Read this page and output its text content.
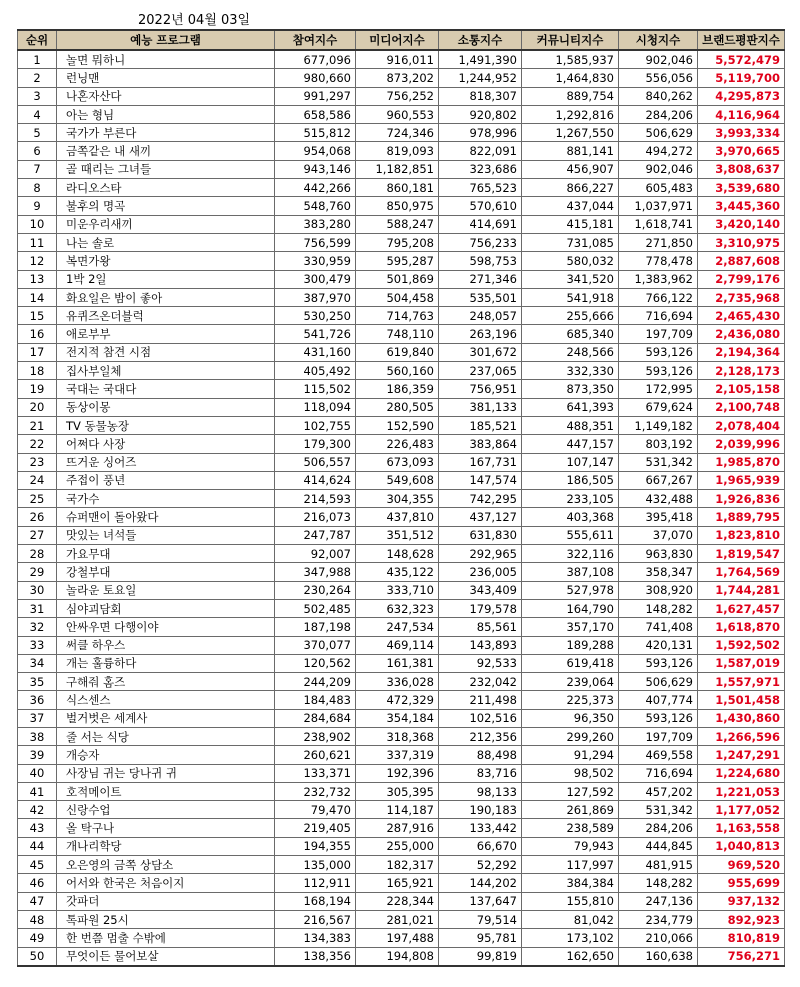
2022년 04월 03일
순위	예능 프로그램	참여지수	미디어지수	소통지수	커뮤니티지수	시청지수	브랜드평판지수
1	놀면 뭐하니	677,096	916,011	1,491,390	1,585,937	902,046	5,572,479
2	런닝맨	980,660	873,202	1,244,952	1,464,830	556,056	5,119,700
3	나혼자산다	991,297	756,252	818,307	889,754	840,262	4,295,873
4	아는 형님	658,586	960,553	920,802	1,292,816	284,206	4,116,964
5	국가가 부른다	515,812	724,346	978,996	1,267,550	506,629	3,993,334
6	금쪽같은 내 새끼	954,068	819,093	822,091	881,141	494,272	3,970,665
7	골 때리는 그녀들	943,146	1,182,851	323,686	456,907	902,046	3,808,637
8	라디오스타	442,266	860,181	765,523	866,227	605,483	3,539,680
9	불후의 명곡	548,760	850,975	570,610	437,044	1,037,971	3,445,360
10	미운우리새끼	383,280	588,247	414,691	415,181	1,618,741	3,420,140
11	나는 솔로	756,599	795,208	756,233	731,085	271,850	3,310,975
12	복면가왕	330,959	595,287	598,753	580,032	778,478	2,887,608
13	1박 2일	300,479	501,869	271,346	341,520	1,383,962	2,799,176
14	화요일은 밤이 좋아	387,970	504,458	535,501	541,918	766,122	2,735,968
15	유퀴즈온더블럭	530,250	714,763	248,057	255,666	716,694	2,465,430
16	애로부부	541,726	748,110	263,196	685,340	197,709	2,436,080
17	전지적 참견 시점	431,160	619,840	301,672	248,566	593,126	2,194,364
18	집사부일체	405,492	560,160	237,065	332,330	593,126	2,128,173
19	국대는 국대다	115,502	186,359	756,951	873,350	172,995	2,105,158
20	동상이몽	118,094	280,505	381,133	641,393	679,624	2,100,748
21	TV 동물농장	102,755	152,590	185,521	488,351	1,149,182	2,078,404
22	어쩌다 사장	179,300	226,483	383,864	447,157	803,192	2,039,996
23	뜨거운 싱어즈	506,557	673,093	167,731	107,147	531,342	1,985,870
24	주접이 풍년	414,624	549,608	147,574	186,505	667,267	1,965,939
25	국가수	214,593	304,355	742,295	233,105	432,488	1,926,836
26	슈퍼맨이 돌아왔다	216,073	437,810	437,127	403,368	395,418	1,889,795
27	맛있는 녀석들	247,787	351,512	631,830	555,611	37,070	1,823,810
28	가요무대	92,007	148,628	292,965	322,116	963,830	1,819,547
29	강철부대	347,988	435,122	236,005	387,108	358,347	1,764,569
30	놀라운 토요일	230,264	333,710	343,409	527,978	308,920	1,744,281
31	심야괴담회	502,485	632,323	179,578	164,790	148,282	1,627,457
32	안싸우면 다행이야	187,198	247,534	85,561	357,170	741,408	1,618,870
33	써클 하우스	370,077	469,114	143,893	189,288	420,131	1,592,502
34	개는 훌륭하다	120,562	161,381	92,533	619,418	593,126	1,587,019
35	구해줘 홈즈	244,209	336,028	232,042	239,064	506,629	1,557,971
36	식스센스	184,483	472,329	211,498	225,373	407,774	1,501,458
37	벌거벗은 세계사	284,684	354,184	102,516	96,350	593,126	1,430,860
38	줄 서는 식당	238,902	318,368	212,356	299,260	197,709	1,266,596
39	개승자	260,621	337,319	88,498	91,294	469,558	1,247,291
40	사장님 귀는 당나귀 귀	133,371	192,396	83,716	98,502	716,694	1,224,680
41	호적메이트	232,732	305,395	98,133	127,592	457,202	1,221,053
42	신랑수업	79,470	114,187	190,183	261,869	531,342	1,177,052
43	올 탁구나	219,405	287,916	133,442	238,589	284,206	1,163,558
44	개나리학당	194,355	255,000	66,670	79,943	444,845	1,040,813
45	오은영의 금쪽 상담소	135,000	182,317	52,292	117,997	481,915	969,520
46	어서와 한국은 처음이지	112,911	165,921	144,202	384,384	148,282	955,699
47	갓파더	168,194	228,344	137,647	155,810	247,136	937,132
48	톡파원 25시	216,567	281,021	79,514	81,042	234,779	892,923
49	한 번쯤 멈출 수밖에	134,383	197,488	95,781	173,102	210,066	810,819
50	무엇이든 물어보살	138,356	194,808	99,819	162,650	160,638	756,271
